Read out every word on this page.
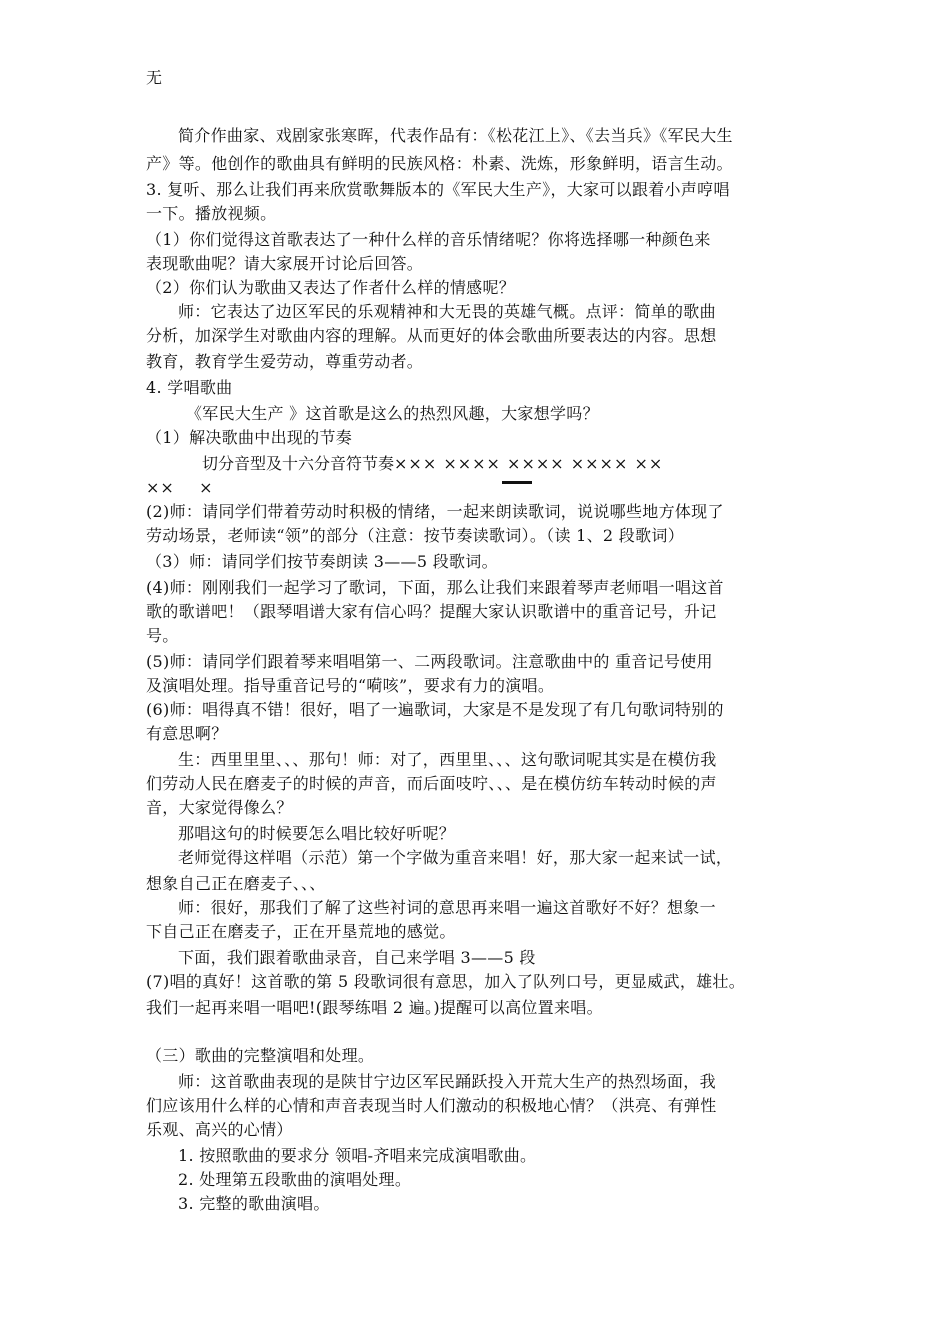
无
简介作曲家、戏剧家张寒晖，代表作品有：《松花江上》、《去当兵》《军民大生
产》等。他创作的歌曲具有鲜明的民族风格：朴素、洗炼，形象鲜明，语言生动。
3. 复听、那么让我们再来欣赏歌舞版本的《军民大生产》，大家可以跟着小声哼唱
一下。播放视频。
（1）你们觉得这首歌表达了一种什么样的音乐情绪呢？你将选择哪一种颜色来
表现歌曲呢？请大家展开讨论后回答。
（2）你们认为歌曲又表达了作者什么样的情感呢？
师：它表达了边区军民的乐观精神和大无畏的英雄气概。点评：简单的歌曲
分析，加深学生对歌曲内容的理解。从而更好的体会歌曲所要表达的内容。思想
教育，教育学生爱劳动，尊重劳动者。
4. 学唱歌曲
《军民大生产 》这首歌是这么的热烈风趣，大家想学吗？
（1）解决歌曲中出现的节奏
切分音型及十六分音符节奏××× ×××× ×××× ×××× ××
××    ×
(2)师：请同学们带着劳动时积极的情绪，一起来朗读歌词，说说哪些地方体现了
劳动场景，老师读“领”的部分（注意：按节奏读歌词）。（读 1、2 段歌词）
（3）师：请同学们按节奏朗读 3——5 段歌词。
(4)师：刚刚我们一起学习了歌词，下面，那么让我们来跟着琴声老师唱一唱这首
歌的歌谱吧！（跟琴唱谱大家有信心吗？提醒大家认识歌谱中的重音记号，升记
号。
(5)师：请同学们跟着琴来唱唱第一、二两段歌词。注意歌曲中的 重音记号使用
及演唱处理。指导重音记号的“嗬咳”，要求有力的演唱。
(6)师：唱得真不错！很好，唱了一遍歌词，大家是不是发现了有几句歌词特别的
有意思啊？
生：西里里里、、、那句！师：对了，西里里、、、这句歌词呢其实是在模仿我
们劳动人民在磨麦子的时候的声音，而后面吱咛、、、是在模仿纺车转动时候的声
音，大家觉得像么？
那唱这句的时候要怎么唱比较好听呢？
老师觉得这样唱（示范）第一个字做为重音来唱！好，那大家一起来试一试，
想象自己正在磨麦子、、、
师：很好，那我们了解了这些衬词的意思再来唱一遍这首歌好不好？想象一
下自己正在磨麦子，正在开垦荒地的感觉。
下面，我们跟着歌曲录音，自己来学唱 3——5 段
(7)唱的真好！这首歌的第 5 段歌词很有意思，加入了队列口号，更显威武，雄壮。
我们一起再来唱一唱吧!(跟琴练唱 2 遍。)提醒可以高位置来唱。
（三）歌曲的完整演唱和处理。
师：这首歌曲表现的是陕甘宁边区军民踊跃投入开荒大生产的热烈场面，我
们应该用什么样的心情和声音表现当时人们激动的积极地心情？（洪亮、有弹性
乐观、高兴的心情）
1. 按照歌曲的要求分 领唱-齐唱来完成演唱歌曲。
2. 处理第五段歌曲的演唱处理。
3. 完整的歌曲演唱。
